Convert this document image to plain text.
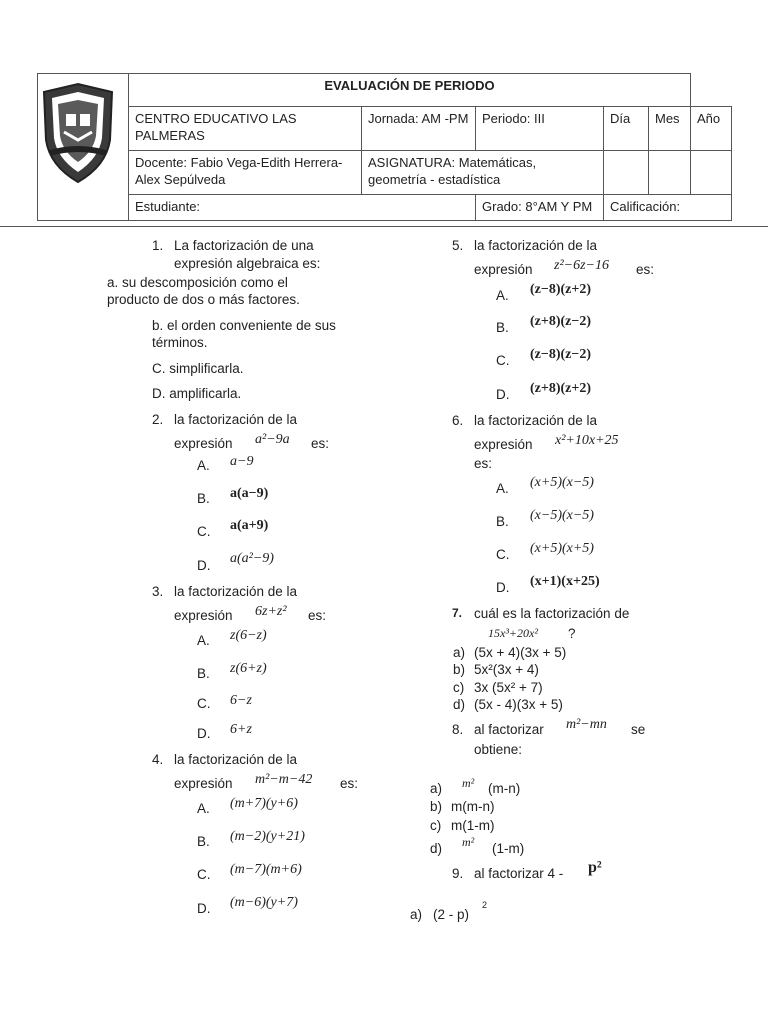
	EVALUACIÓN DE PERIODO					
	CENTRO EDUCATIVO LAS PALMERAS	Jornada: AM -PM	Periodo: III	Día	Mes	Año
	Docente: Fabio Vega-Edith Herrera-Alex Sepúlveda	ASIGNATURA: Matemáticas, geometría - estadística				
	Estudiante:		Grado: 8°AM Y PM	Calificación:		
1. La factorización de una
expresión algebraica es:
a. su descomposición como el
producto de dos o más factores.
b. el orden conveniente de sus
términos.
C. simplificarla.
D. amplificarla.
2. la factorización de la
expresión a²−9a es:
A. a−9
B. a(a−9)
C. a(a+9)
D. a(a²−9)
3. la factorización de la
expresión 6z+z² es:
A. z(6−z)
B. z(6+z)
C. 6−z
D. 6+z
4. la factorización de la
expresión m²−m−42 es:
A. (m+7)(y+6)
B. (m−2)(y+21)
C. (m−7)(m+6)
D. (m−6)(y+7)
5. la factorización de la
expresión z²−6z−16 es:
A. (z−8)(z+2)
B. (z+8)(z−2)
C. (z−8)(z−2)
D. (z+8)(z+2)
6. la factorización de la
expresión x²+10x+25
es:
A. (x+5)(x−5)
B. (x−5)(x−5)
C. (x+5)(x+5)
D. (x+1)(x+25)
7. cuál es la factorización de
15x³+20x² ?
a) (5x + 4)(3x + 5)
b) 5x²(3x + 4)
c) 3x (5x² + 7)
d) (5x - 4)(3x + 5)
8. al factorizar m²−mn se
obtiene:
a) m² (m-n)
b) m(m-n)
c) m(1-m)
d) m² (1-m)
9. al factorizar 4 - p²
a) (2 - p)
2
